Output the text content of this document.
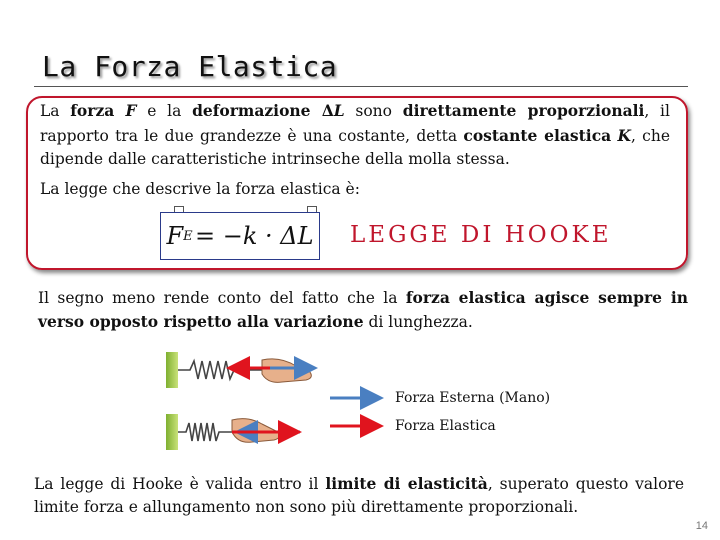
La Forza Elastica
La forza F e la deformazione ΔL sono direttamente proporzionali, il rapporto tra le due grandezze è una costante, detta costante elastica K, che dipende dalle caratteristiche intrinseche della molla stessa.
La legge che descrive la forza elastica è:
F E
  = −k · ΔL LEGGE DI HOOKE
Il segno meno rende conto del fatto che la forza elastica agisce sempre in verso opposto rispetto alla variazione di lunghezza.
Forza Esterna (Mano)
Forza Elastica
La legge di Hooke è valida entro il limite di elasticità, superato questo valore limite forza e allungamento non sono più direttamente proporzionali.
14
